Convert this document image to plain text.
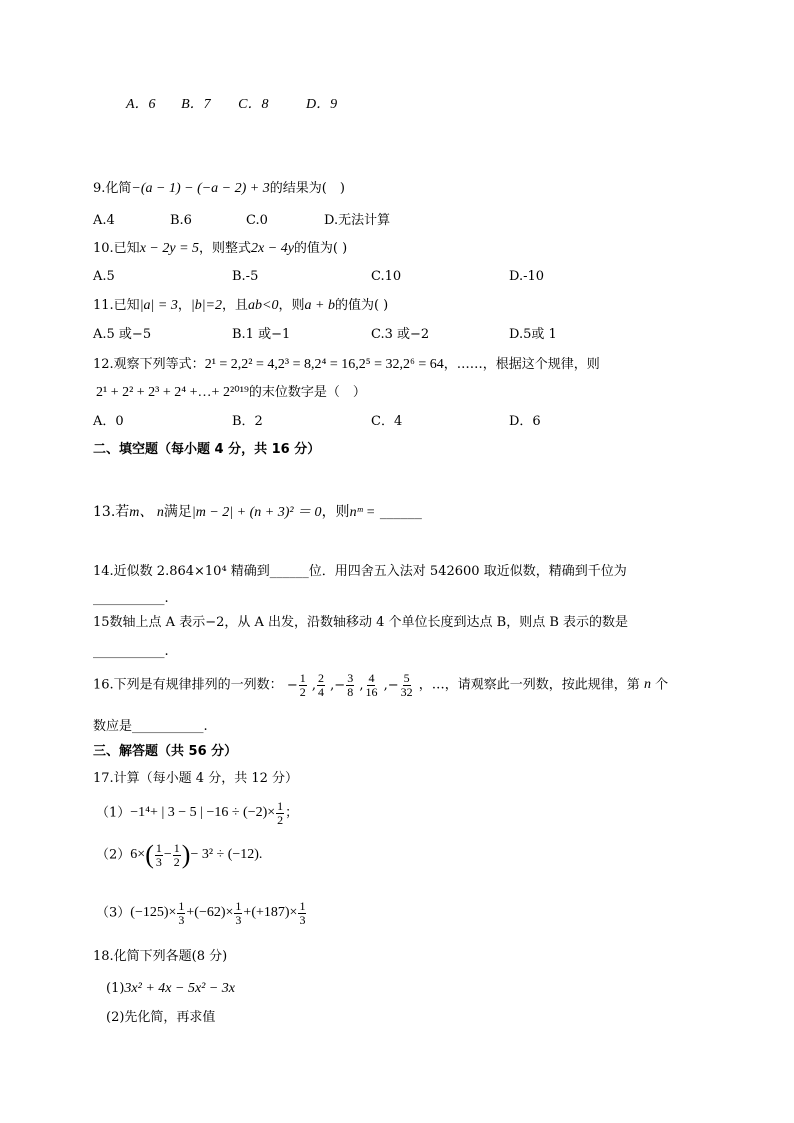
A．6 B．7 C．8	D．9
9.化简−(a − 1) − (−a − 2) + 3的结果为(　)
A.4	B.6	C.0	D.无法计算
10.已知x − 2y = 5，则整式2x − 4y的值为( )
A.5	B.-5	C.10	D.-10
11.已知|a| = 3，|b|=2，且ab<0，则a + b的值为( )
A.5 或−5	B.1 或−1	C.3 或−2	D.5或 1
12.观察下列等式：2¹ = 2,2² = 4,2³ = 8,2⁴ = 16,2⁵ = 32,2⁶ = 64，……，根据这个规律，则
2¹ + 2² + 2³ + 2⁴ +…+ 2²⁰¹⁹的末位数字是（　）
A．0	B．2	C．4	D．6
二、填空题（每小题 4 分，共 16 分）
13.若m、 n满足|m − 2| + (n + 3)² ＝ 0，则nᵐ = ______
14.近似数 2.864×10⁴ 精确到______位．用四舍五入法对 542600 取近似数，精确到千位为
___________.
15数轴上点 A 表示−2，从 A 出发，沿数轴移动 4 个单位长度到达点 B，则点 B 表示的数是
___________.
16.下列是有规律排列的一列数： − $\frac{1}{2}$ , $\frac{2}{4}$ ,− $\frac{3}{8}$ , $\frac{4}{16}$ ,− $\frac{5}{32}$ ，…，请观察此一列数，按此规律，第 n 个
数应是___________.
三、解答题（共 56 分）
17.计算（每小题 4 分，共 12 分）
（1）−1⁴+ | 3 − 5 | $-16 \div (-2)\times \frac{1}{2}$ ；
$(2)6\times( \frac{1}{3} - \frac{1}{2}$ )− 3² ÷ (−12).
$(3)(-125)\times \frac{1}{3} +(-62)\times \frac{1}{3} +(+187)\times \frac{1}{3}$
18.化简下列各题(8 分)
(1)3x² + 4x − 5x² − 3x
(2)先化简，再求值
